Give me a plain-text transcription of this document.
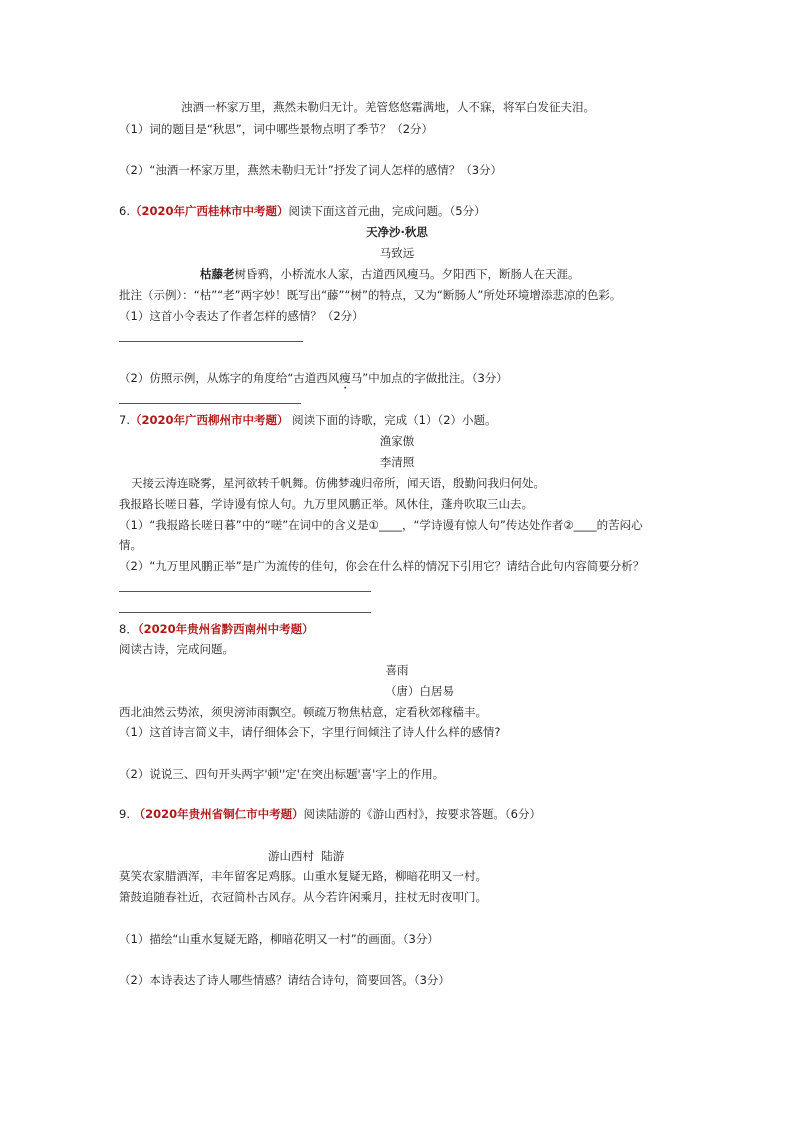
浊酒一杯家万里，燕然未勒归无计。羌管悠悠霜满地，人不寐，将军白发征夫泪。
（1）词的题目是“秋思”，词中哪些景物点明了季节？（2分）
（2）“浊酒一杯家万里，燕然未勒归无计”抒发了词人怎样的感情？（3分）
6.（2020年广西桂林市中考题）阅读下面这首元曲，完成问题。（5分）
天净沙·秋思
马致远
枯藤老树昏鸦，小桥流水人家，古道西风瘦马。夕阳西下，断肠人在天涯。
批注（示例）：“枯”“老”两字妙！既写出“藤”“树”的特点，又为“断肠人”所处环境增添悲凉的色彩。
（1）这首小令表达了作者怎样的感情？（2分）
（2）仿照示例，从炼字的角度给“古道西风瘦马”中加点的字做批注。（3分）
7.（2020年广西柳州市中考题） 阅读下面的诗歌，完成（1）（2）小题。
渔家傲
李清照
天接云涛连晓雾，星河欲转千帆舞。仿佛梦魂归帝所，闻天语，殷勤问我归何处。
我报路长嗟日暮，学诗谩有惊人句。九万里风鹏正举。风休住，蓬舟吹取三山去。
（1）“我报路长嗟日暮”中的“嗟”在词中的含义是①____，“学诗谩有惊人句”传达处作者②____的苦闷心
情。
（2）“九万里风鹏正举”是广为流传的佳句，你会在什么样的情况下引用它？请结合此句内容简要分析？
8．（2020年贵州省黔西南州中考题）
阅读古诗，完成问题。
喜雨
（唐）白居易
西北油然云势浓，须臾滂沛雨飘空。顿疏万物焦枯意，定看秋郊稼穑丰。
（1）这首诗言简义丰，请仔细体会下，字里行间倾注了诗人什么样的感情?
（2）说说三、四句开头两字'顿''定'在突出标题'喜'字上的作用。
9. （2020年贵州省铜仁市中考题）阅读陆游的《游山西村》，按要求答题。（6分）
游山西村  陆游
莫笑农家腊酒浑，丰年留客足鸡豚。山重水复疑无路，柳暗花明又一村。
箫鼓追随春社近，衣冠简朴古风存。从今若许闲乘月，拄杖无时夜叩门。
（1）描绘“山重水复疑无路，柳暗花明又一村”的画面。（3分）
（2）本诗表达了诗人哪些情感？请结合诗句，简要回答。（3分）
